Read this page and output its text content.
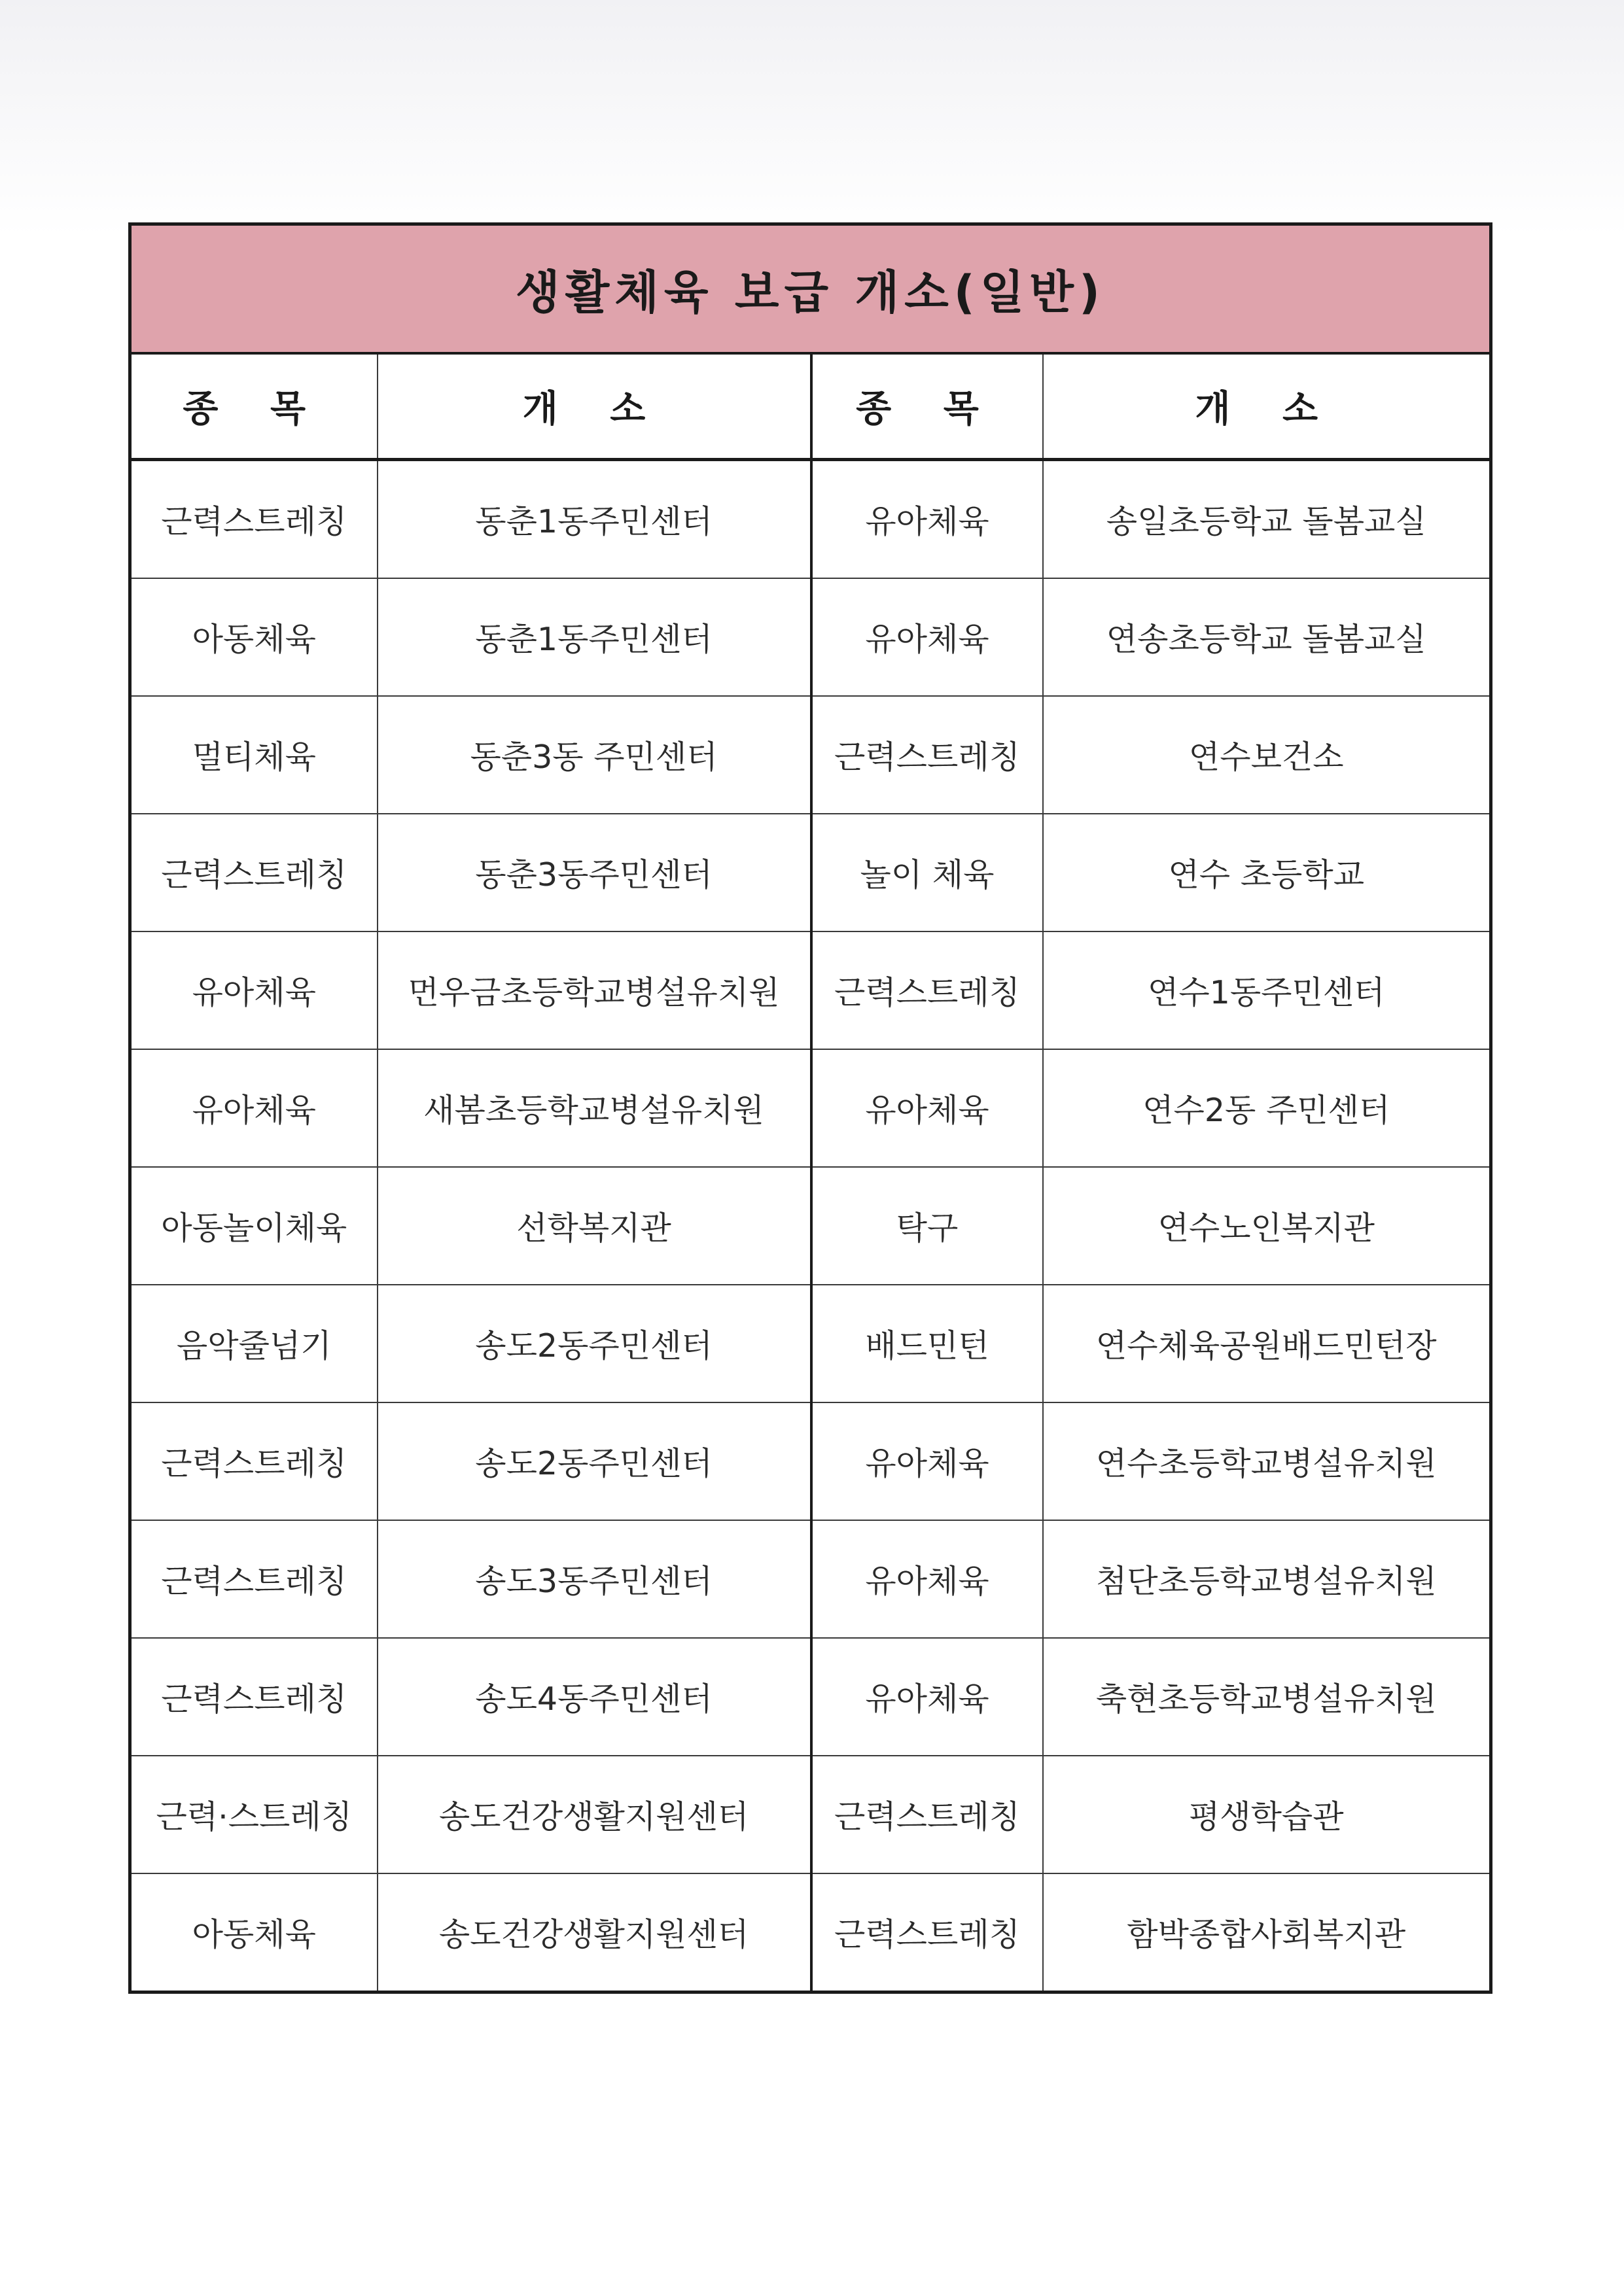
생활체육 보급 개소(일반)			
종 목	개 소	종 목	개 소
근력스트레칭	동춘1동주민센터	유아체육	송일초등학교 돌봄교실
아동체육	동춘1동주민센터	유아체육	연송초등학교 돌봄교실
멀티체육	동춘3동 주민센터	근력스트레칭	연수보건소
근력스트레칭	동춘3동주민센터	놀이 체육	연수 초등학교
유아체육	먼우금초등학교병설유치원	근력스트레칭	연수1동주민센터
유아체육	새봄초등학교병설유치원	유아체육	연수2동 주민센터
아동놀이체육	선학복지관	탁구	연수노인복지관
음악줄넘기	송도2동주민센터	배드민턴	연수체육공원배드민턴장
근력스트레칭	송도2동주민센터	유아체육	연수초등학교병설유치원
근력스트레칭	송도3동주민센터	유아체육	첨단초등학교병설유치원
근력스트레칭	송도4동주민센터	유아체육	축현초등학교병설유치원
근력·스트레칭	송도건강생활지원센터	근력스트레칭	평생학습관
아동체육	송도건강생활지원센터	근력스트레칭	함박종합사회복지관
